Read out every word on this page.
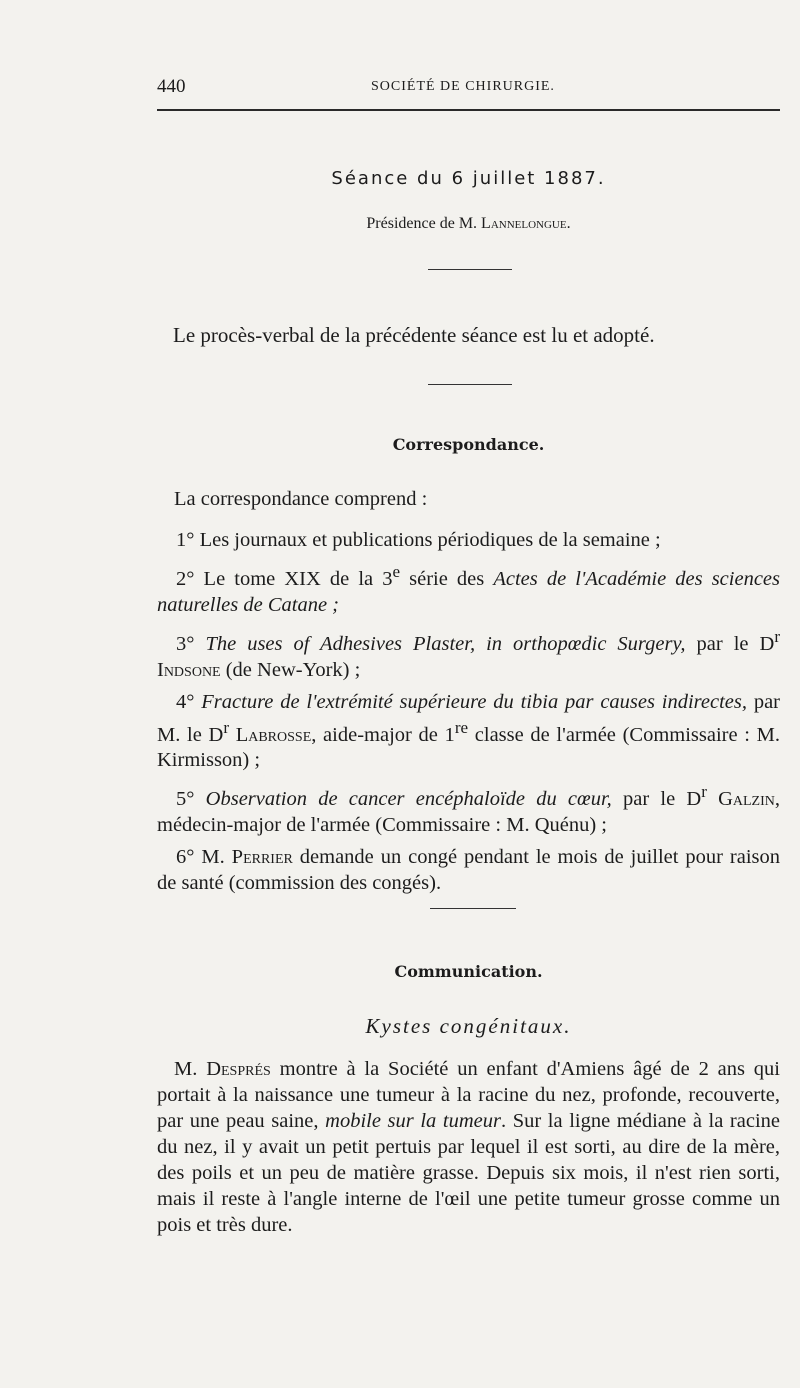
440	SOCIÉTÉ DE CHIRURGIE.
Séance du 6 juillet 1887.
Présidence de M. Lannelongue.
Le procès-verbal de la précédente séance est lu et adopté.
Correspondance.
La correspondance comprend :

1° Les journaux et publications périodiques de la semaine ;

2° Le tome XIX de la 3e série des Actes de l'Académie des sciences naturelles de Catane ;

3° The uses of Adhesives Plaster, in orthopœdic Surgery, par le $D^r$ Indsone (de New-York) ;

4° Fracture de l'extrémité supérieure du tibia par causes indirectes, par M. le $D^r$ Labrosse, aide-major de 1re classe de l'armée (Commissaire : M. Kirmisson) ;

5° Observation de cancer encéphaloïde du cœur, par le $D^r$ Galzin, médecin-major de l'armée (Commissaire : M. Quénu) ;

6° M. Perrier demande un congé pendant le mois de juillet pour raison de santé (commission des congés).

Communication.
Kystes congénitaux.

M. Després montre à la Société un enfant d'Amiens âgé de 2 ans qui portait à la naissance une tumeur à la racine du nez, profonde, recouverte, par une peau saine, mobile sur la tumeur. Sur la ligne médiane à la racine du nez, il y avait un petit pertuis par lequel il est sorti, au dire de la mère, des poils et un peu de matière grasse. Depuis six mois, il n'est rien sorti, mais il reste à l'angle interne de l'œil une petite tumeur grosse comme un pois et très dure.
